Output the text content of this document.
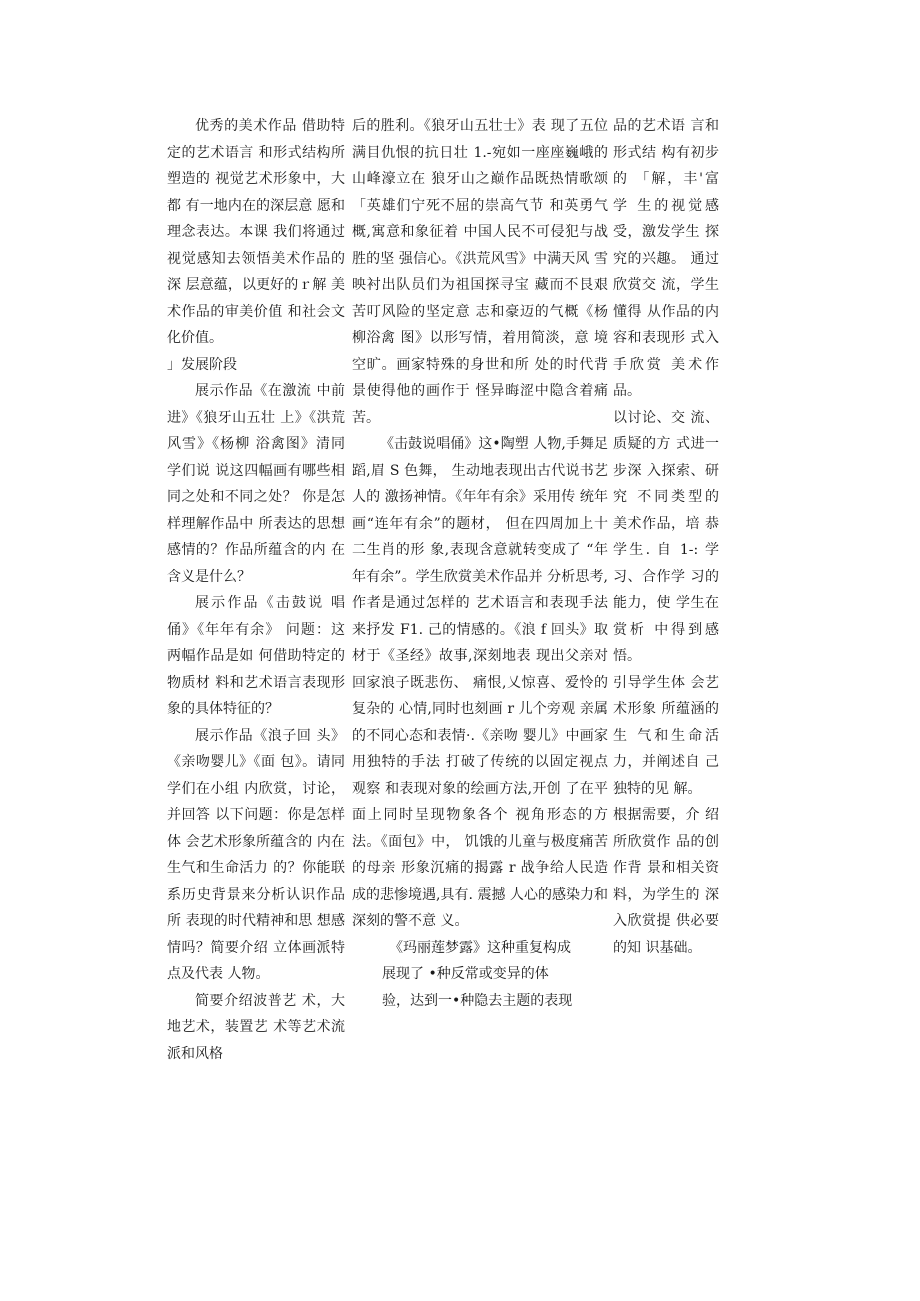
优秀的美术作品 借助特定的艺术语言 和形式结构所塑造的 视觉艺术形象中，大都 有一地内在的深层意 愿和理念表达。本课 我们将通过视觉感知去领悟美术作品的深 层意蕴，以更好的ｒ解 美术作品的审美价值 和社会文化价值。

」发展阶段

展示作品《在激流 中前进》《狼牙山五壮 上》《洪荒风雪》《杨柳 浴禽图》清同学们说 说这四幅画有哪些相 同之处和不同之处？ 你是怎样理解作品中 所表达的思想感情的？作品所蕴含的内 在含义是什么？

展示作品《击鼓说 唱俑》《年年有余》 问题：这两幅作品是如 何借助特定的物质材 料和艺术语言表现形 象的具体特征的？

展示作品《浪子回 头》《亲吻婴儿》《面 包》。请同学们在小组 内欣赏，讨论，并回答 以下问题：你是怎样体 会艺术形象所蕴含的 内在生气和生命活力 的？你能联系历史背景来分析认识作品所 表现的时代精神和思 想感情吗？简要介绍 立体画派特点及代表 人物。

简要介绍波普艺 术，大地艺术，装置艺 术等艺术流派和风格

后的胜利。《狼牙山五壮士》表 现了五位满目仇恨的抗日壮 1.-宛如一座座巍峨的山峰濠立在 狼牙山之巅作品既热情歌颂 「英雄们宁死不屈的崇高气节 和英勇气概,寓意和象征着 中国人民不可侵犯与战胜的坚 强信心。《洪荒风雪》中满天风 雪映衬出队员们为祖国探寻宝 藏而不艮艰苦叮风险的坚定意 志和豪迈的气概《杨柳浴禽 图》以形写情，着用简淡，意 境空旷。画家特殊的身世和所 处的时代背景使得他的画作于 怪异晦涩中隐含着痛苦。

《击鼓说唱俑》这•陶塑 人物,手舞足蹈,眉 S 色舞， 生动地表现出古代说书艺人的 激扬神情。《年年有余》采用传 统年画“连年有余”的题材， 但在四周加上十二生肖的形 象,表现含意就转变成了 “年 年有余”。学生欣赏美术作品并 分析思考,作者是通过怎样的 艺术语言和表现手法来抒发 F1. 己的情感的。《浪 f 回头》取 材于《圣经》故事,深刻地表 现出父亲对回家浪子既悲伤、 痛恨,乂惊喜、爱怜的复杂的 心情,同时也刻画 r 儿个旁观 亲属的不同心态和表情·.《亲吻 婴儿》中画家用独特的手法 打破了传统的以固定视点观察 和表现对象的绘画方法,开创 了在平面上同时呈现物象各个 视角形态的方法。《面包》中， 饥饿的儿童与极度痛苦的母亲 形象沉痛的揭露 r 战争给人民造成的悲惨境遇,具有. 震撼 人心的感染力和深刻的警不意 义。

《玛丽莲梦露》这种重复构成

展现了 •种反常或变异的体

验，达到一•种隐去主题的表现

品的艺术语 言和形式结 构有初步的 「解，丰'富学 生的视觉感 受，激发学生 探究的兴趣。 通过欣赏交 流，学生懂得 从作品的内 容和表现形 式入手欣赏 美术作品。

以讨论、交 流、质疑的方 式进一步深 入探索、研究 不同类型的 美术作品，培 恭学生. 自 1-: 学习、合作学 习的能力，使 学生在赏析 中得到感悟。

引导学生体 会艺术形象 所蕴涵的生 气和生命活 力，并阐述自 己独特的见 解。

根据需要，介 绍所欣赏作 品的创作背 景和相关资 料，为学生的 深入欣赏提 供必要的知 识基础。
